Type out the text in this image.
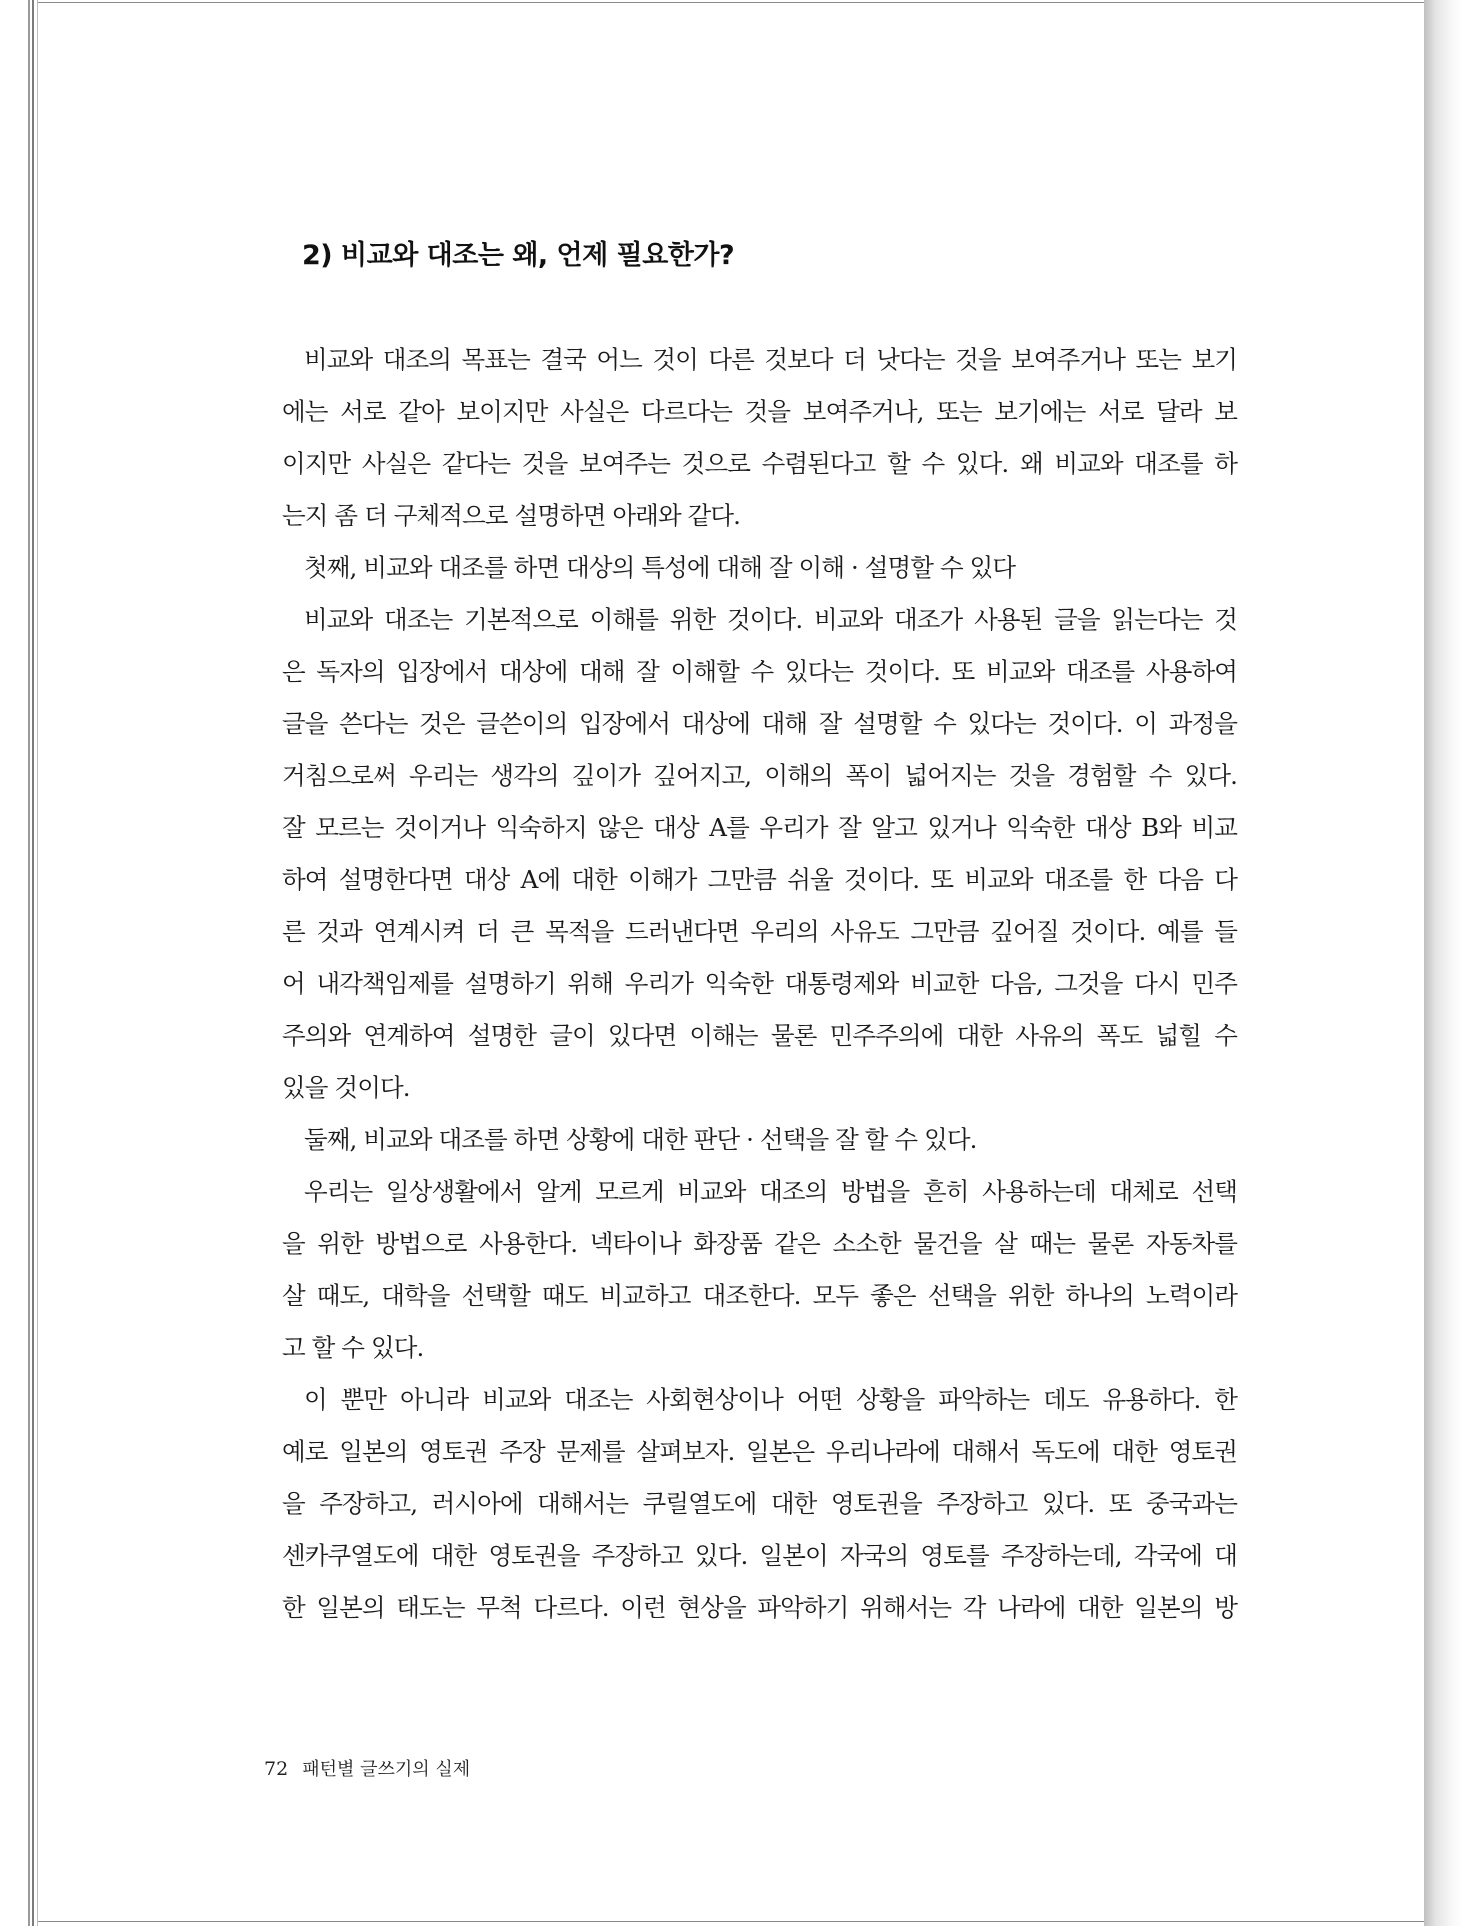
2) 비교와 대조는 왜, 언제 필요한가?
비교와 대조의 목표는 결국 어느 것이 다른 것보다 더 낫다는 것을 보여주거나 또는 보기
에는 서로 같아 보이지만 사실은 다르다는 것을 보여주거나, 또는 보기에는 서로 달라 보
이지만 사실은 같다는 것을 보여주는 것으로 수렴된다고 할 수 있다. 왜 비교와 대조를 하
는지 좀 더 구체적으로 설명하면 아래와 같다.
첫째, 비교와 대조를 하면 대상의 특성에 대해 잘 이해 · 설명할 수 있다
비교와 대조는 기본적으로 이해를 위한 것이다. 비교와 대조가 사용된 글을 읽는다는 것
은 독자의 입장에서 대상에 대해 잘 이해할 수 있다는 것이다. 또 비교와 대조를 사용하여
글을 쓴다는 것은 글쓴이의 입장에서 대상에 대해 잘 설명할 수 있다는 것이다. 이 과정을
거침으로써 우리는 생각의 깊이가 깊어지고, 이해의 폭이 넓어지는 것을 경험할 수 있다.
잘 모르는 것이거나 익숙하지 않은 대상 A를 우리가 잘 알고 있거나 익숙한 대상 B와 비교
하여 설명한다면 대상 A에 대한 이해가 그만큼 쉬울 것이다. 또 비교와 대조를 한 다음 다
른 것과 연계시켜 더 큰 목적을 드러낸다면 우리의 사유도 그만큼 깊어질 것이다. 예를 들
어 내각책임제를 설명하기 위해 우리가 익숙한 대통령제와 비교한 다음, 그것을 다시 민주
주의와 연계하여 설명한 글이 있다면 이해는 물론 민주주의에 대한 사유의 폭도 넓힐 수
있을 것이다.
둘째, 비교와 대조를 하면 상황에 대한 판단 · 선택을 잘 할 수 있다.
우리는 일상생활에서 알게 모르게 비교와 대조의 방법을 흔히 사용하는데 대체로 선택
을 위한 방법으로 사용한다. 넥타이나 화장품 같은 소소한 물건을 살 때는 물론 자동차를
살 때도, 대학을 선택할 때도 비교하고 대조한다. 모두 좋은 선택을 위한 하나의 노력이라
고 할 수 있다.
이 뿐만 아니라 비교와 대조는 사회현상이나 어떤 상황을 파악하는 데도 유용하다. 한
예로 일본의 영토권 주장 문제를 살펴보자. 일본은 우리나라에 대해서 독도에 대한 영토권
을 주장하고, 러시아에 대해서는 쿠릴열도에 대한 영토권을 주장하고 있다. 또 중국과는
센카쿠열도에 대한 영토권을 주장하고 있다. 일본이 자국의 영토를 주장하는데, 각국에 대
한 일본의 태도는 무척 다르다. 이런 현상을 파악하기 위해서는 각 나라에 대한 일본의 방
72 패턴별 글쓰기의 실제
